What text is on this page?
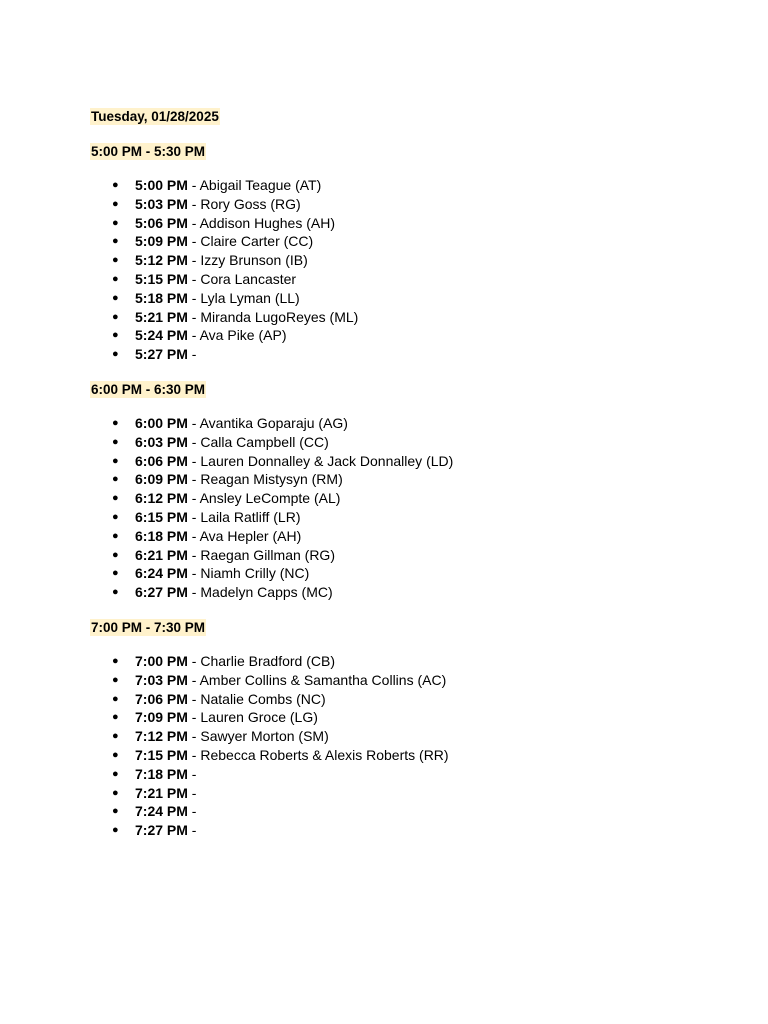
Tuesday, 01/28/2025
5:00 PM - 5:30 PM
● 5:00 PM - Abigail Teague (AT)
● 5:03 PM - Rory Goss (RG)
● 5:06 PM - Addison Hughes (AH)
● 5:09 PM - Claire Carter (CC)
● 5:12 PM - Izzy Brunson (IB)
● 5:15 PM - Cora Lancaster
● 5:18 PM - Lyla Lyman (LL)
● 5:21 PM - Miranda LugoReyes (ML)
● 5:24 PM - Ava Pike (AP)
● 5:27 PM -
6:00 PM - 6:30 PM
● 6:00 PM - Avantika Goparaju (AG)
● 6:03 PM - Calla Campbell (CC)
● 6:06 PM - Lauren Donnalley & Jack Donnalley (LD)
● 6:09 PM - Reagan Mistysyn (RM)
● 6:12 PM - Ansley LeCompte (AL)
● 6:15 PM - Laila Ratliff (LR)
● 6:18 PM - Ava Hepler (AH)
● 6:21 PM - Raegan Gillman (RG)
● 6:24 PM - Niamh Crilly (NC)
● 6:27 PM - Madelyn Capps (MC)
7:00 PM - 7:30 PM
● 7:00 PM - Charlie Bradford (CB)
● 7:03 PM - Amber Collins & Samantha Collins (AC)
● 7:06 PM - Natalie Combs (NC)
● 7:09 PM - Lauren Groce (LG)
● 7:12 PM - Sawyer Morton (SM)
● 7:15 PM - Rebecca Roberts & Alexis Roberts (RR)
● 7:18 PM -
● 7:21 PM -
● 7:24 PM -
● 7:27 PM -
